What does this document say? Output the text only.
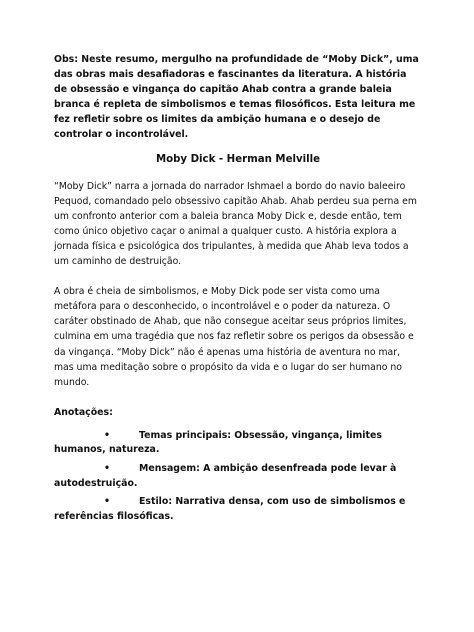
Obs: Neste resumo, mergulho na profundidade de “Moby Dick”, uma das obras mais desafiadoras e fascinantes da literatura. A história de obsessão e vingança do capitão Ahab contra a grande baleia branca é repleta de simbolismos e temas filosóficos. Esta leitura me fez refletir sobre os limites da ambição humana e o desejo de controlar o incontrolável.

Moby Dick - Herman Melville

“Moby Dick” narra a jornada do narrador Ishmael a bordo do navio baleeiro Pequod, comandado pelo obsessivo capitão Ahab. Ahab perdeu sua perna em um confronto anterior com a baleia branca Moby Dick e, desde então, tem como único objetivo caçar o animal a qualquer custo. A história explora a jornada física e psicológica dos tripulantes, à medida que Ahab leva todos a um caminho de destruição.

A obra é cheia de simbolismos, e Moby Dick pode ser vista como uma metáfora para o desconhecido, o incontrolável e o poder da natureza. O caráter obstinado de Ahab, que não consegue aceitar seus próprios limites, culmina em uma tragédia que nos faz refletir sobre os perigos da obsessão e da vingança. “Moby Dick” não é apenas uma história de aventura no mar, mas uma meditação sobre o propósito da vida e o lugar do ser humano no mundo.

Anotações:

•	Temas principais: Obsessão, vingança, limites humanos, natureza.
•	Mensagem: A ambição desenfreada pode levar à autodestruição.
•	Estilo: Narrativa densa, com uso de simbolismos e referências filosóficas.
